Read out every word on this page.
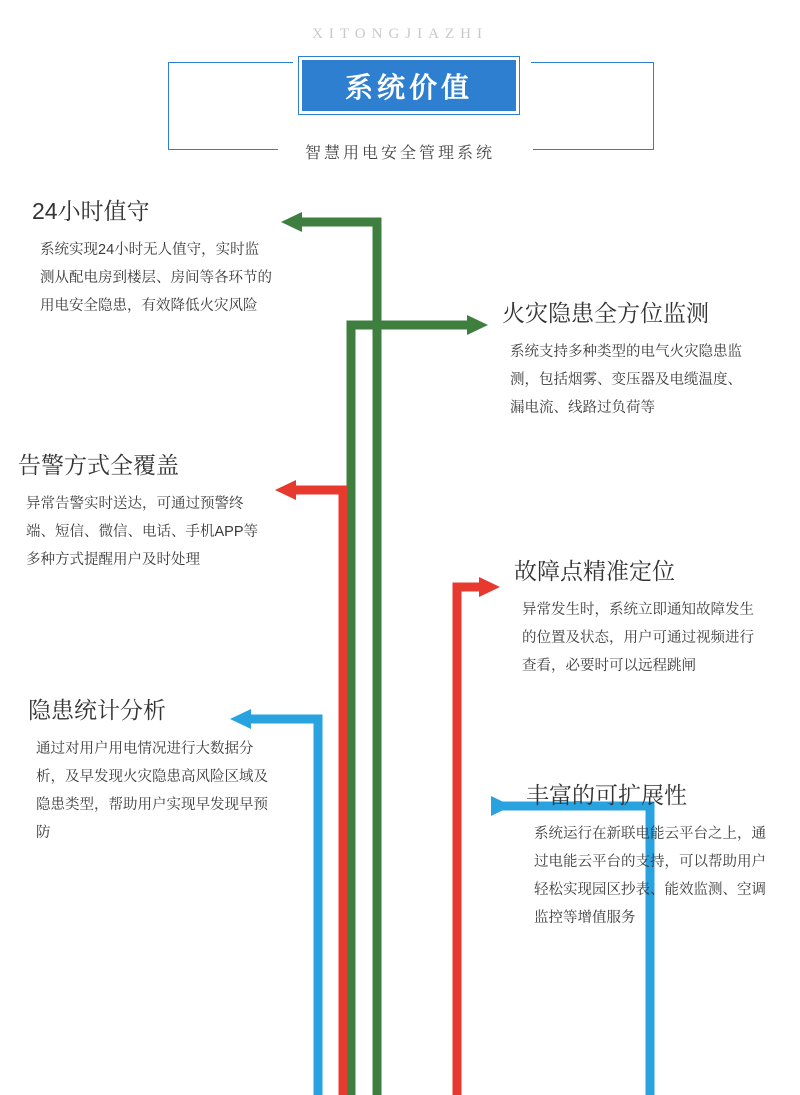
XITONGJIAZHI
系统价值
智慧用电安全管理系统

24小时值守

系统实现24小时无人值守，实时监测从配电房到楼层、房间等各环节的用电安全隐患，有效降低火灾风险	火灾隐患全方位监测

系统支持多种类型的电气火灾隐患监测，包括烟雾、变压器及电缆温度、漏电流、线路过负荷等

告警方式全覆盖

异常告警实时送达，可通过预警终端、短信、微信、电话、手机APP等多种方式提醒用户及时处理	故障点精准定位

异常发生时，系统立即通知故障发生的位置及状态，用户可通过视频进行查看，必要时可以远程跳闸

隐患统计分析

通过对用户用电情况进行大数据分析，及早发现火灾隐患高风险区域及隐患类型，帮助用户实现早发现早预防

丰富的可扩展性

系统运行在新联电能云平台之上，通过电能云平台的支持，可以帮助用户轻松实现园区抄表、能效监测、空调监控等增值服务
